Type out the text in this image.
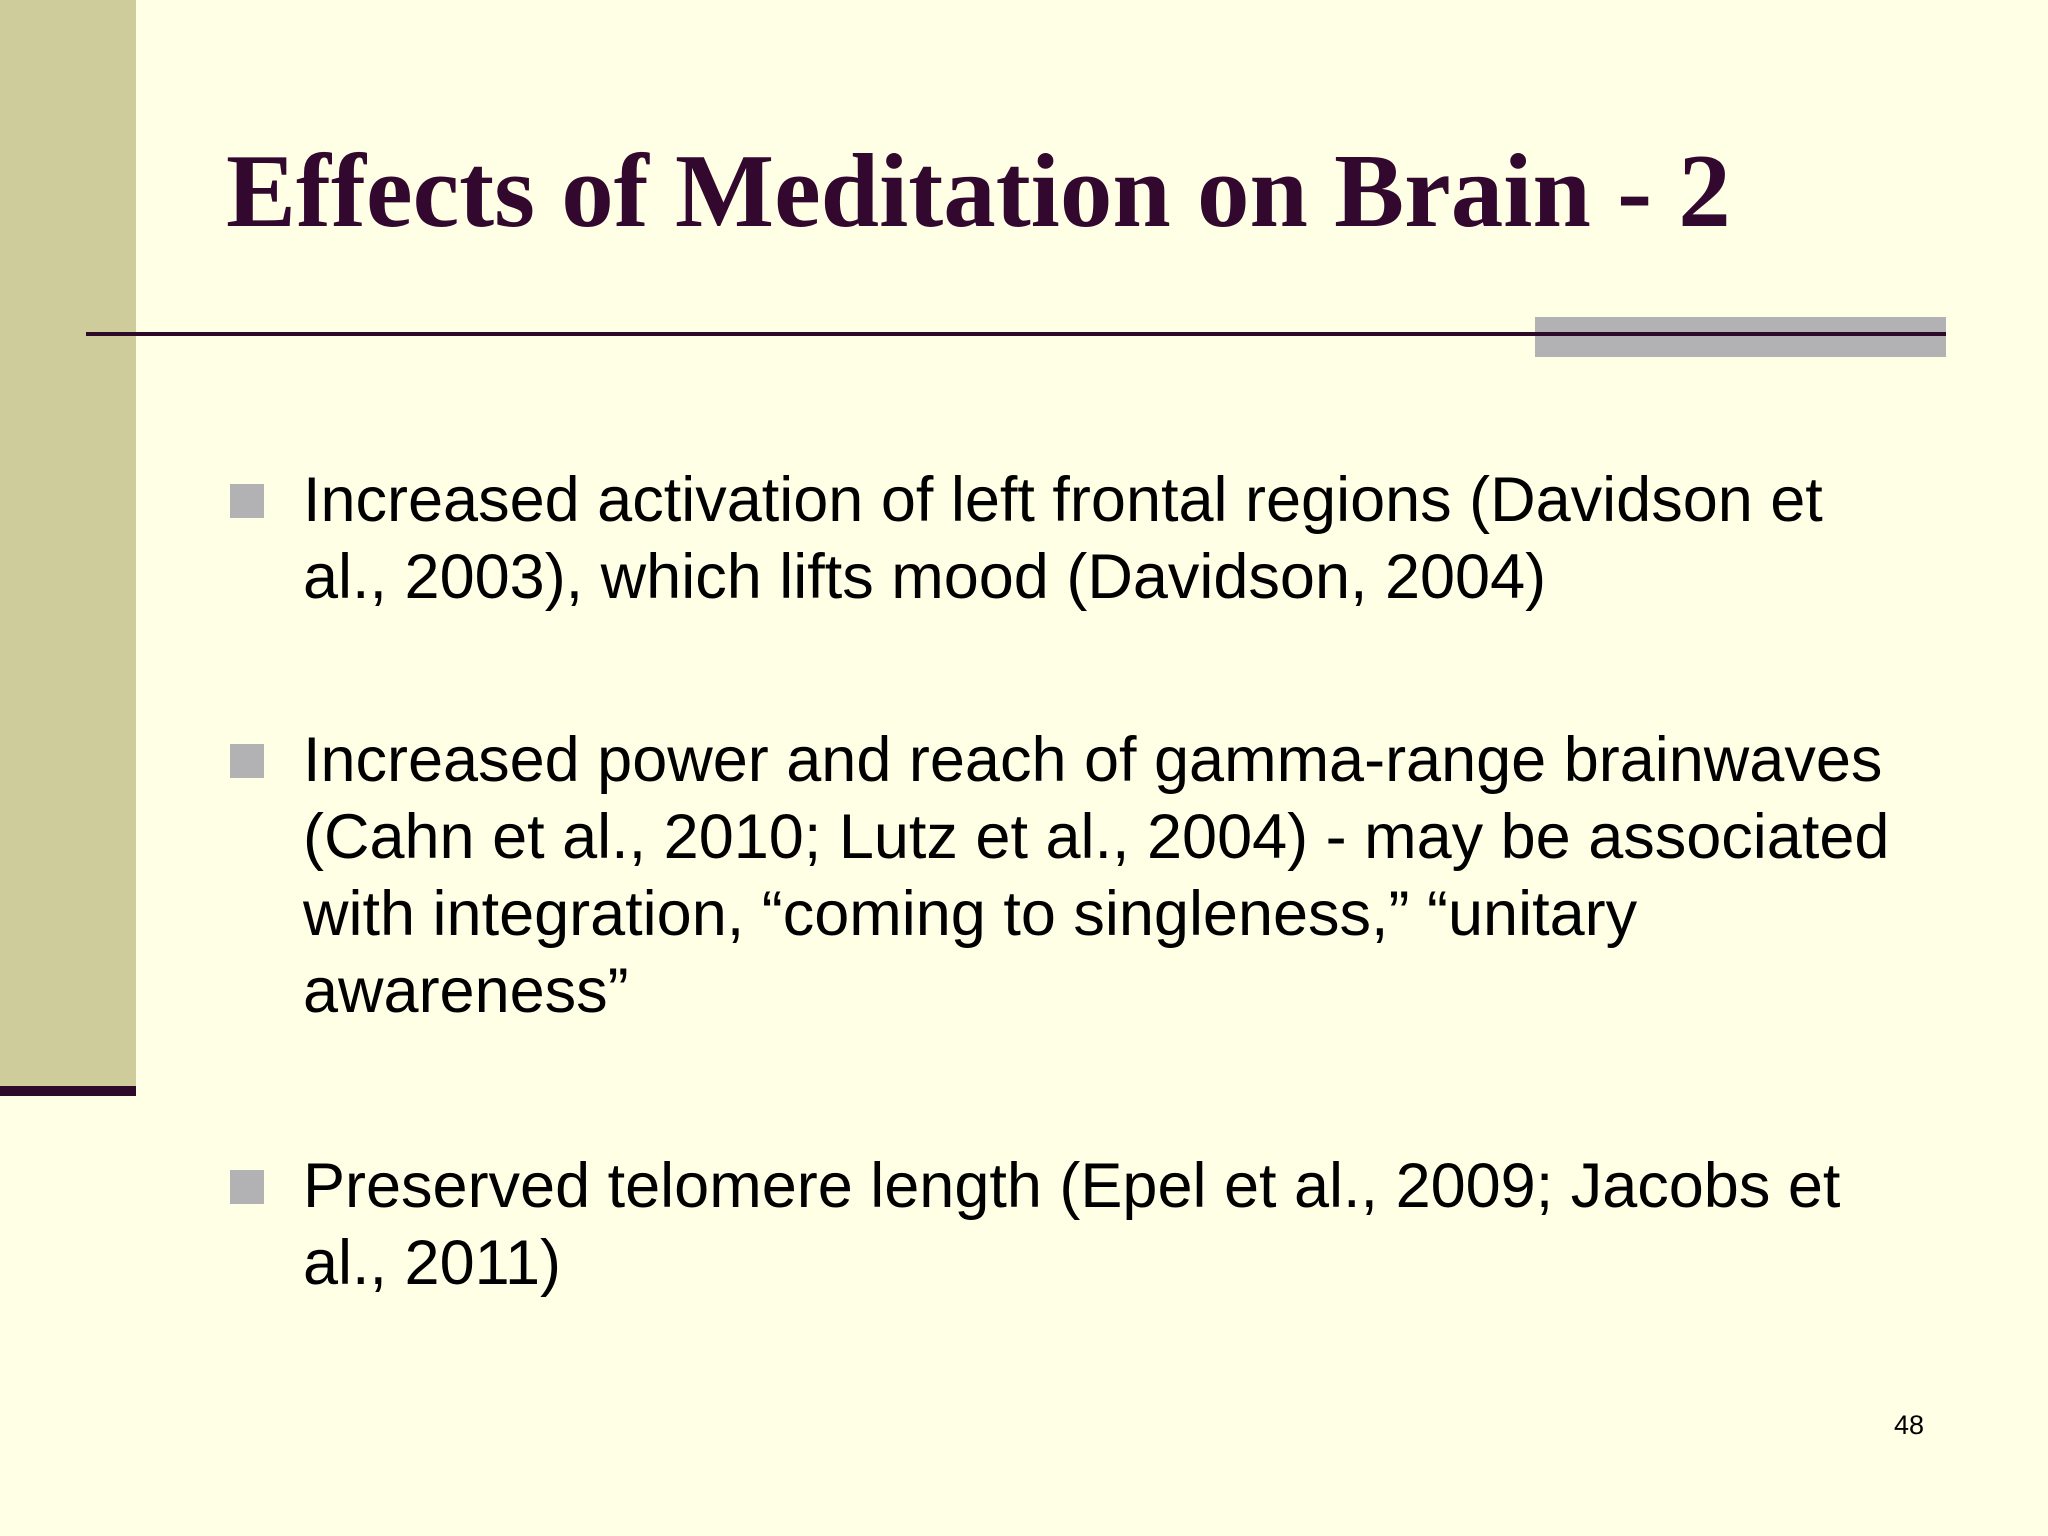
Effects of Meditation on Brain - 2
Increased activation of left frontal regions (Davidson et al., 2003), which lifts mood (Davidson, 2004)
Increased power and reach of gamma-range brainwaves (Cahn et al., 2010; Lutz et al., 2004) - may be associated with integration, “coming to singleness,” “unitary awareness”
Preserved telomere length (Epel et al., 2009; Jacobs et al., 2011)
48
